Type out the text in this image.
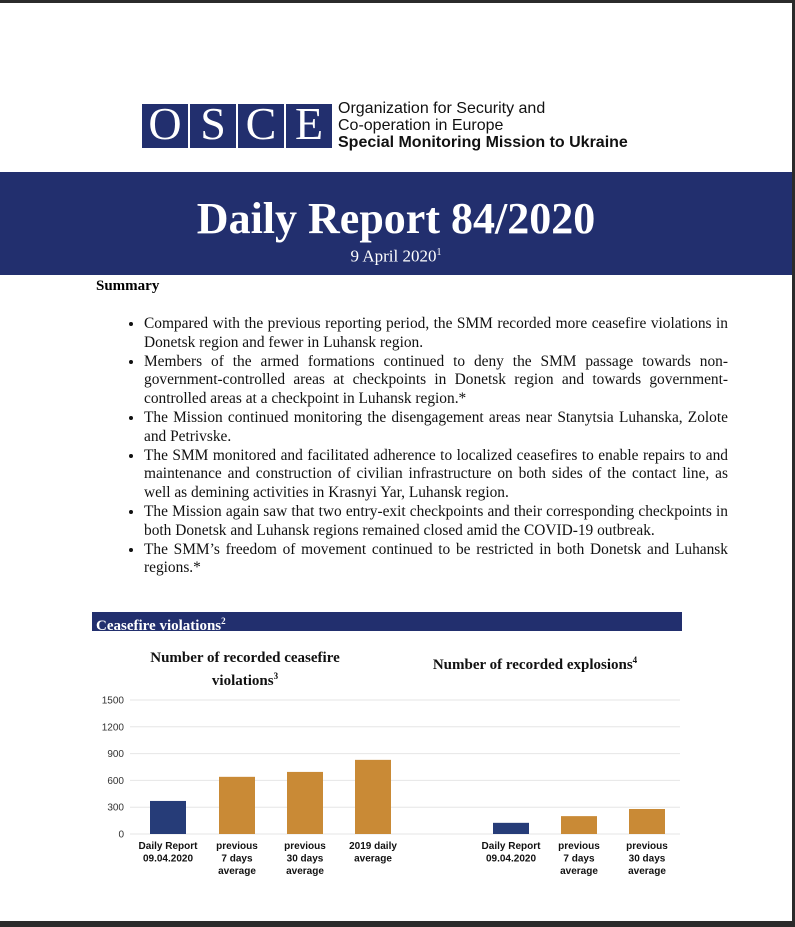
O S C E Organization for Security and
Co-operation in Europe
Special Monitoring Mission to Ukraine
Daily Report 84/2020
9 April 2020$^1$
Summary
• Compared with the previous reporting period, the SMM recorded more ceasefire violations in Donetsk region and fewer in Luhansk region.
• Members of the armed formations continued to deny the SMM passage towards non-government-controlled areas at checkpoints in Donetsk region and towards government-controlled areas at a checkpoint in Luhansk region.*
• The Mission continued monitoring the disengagement areas near Stanytsia Luhanska, Zolote and Petrivske.
• The SMM monitored and facilitated adherence to localized ceasefires to enable repairs to and maintenance and construction of civilian infrastructure on both sides of the contact line, as well as demining activities in Krasnyi Yar, Luhansk region.
• The Mission again saw that two entry-exit checkpoints and their corresponding checkpoints in both Donetsk and Luhansk regions remained closed amid the COVID-19 outbreak.
• The SMM’s freedom of movement continued to be restricted in both Donetsk and Luhansk regions.*
Ceasefire violations$^2$
Number of recorded ceasefire violations$^3$
Number of recorded explosions$^4$
0
300
600
900
1200
1500
Daily Report 09.04.2020
previous 7 days average
previous 30 days average
2019 daily average
Daily Report 09.04.2020
previous 7 days average
previous 30 days average
